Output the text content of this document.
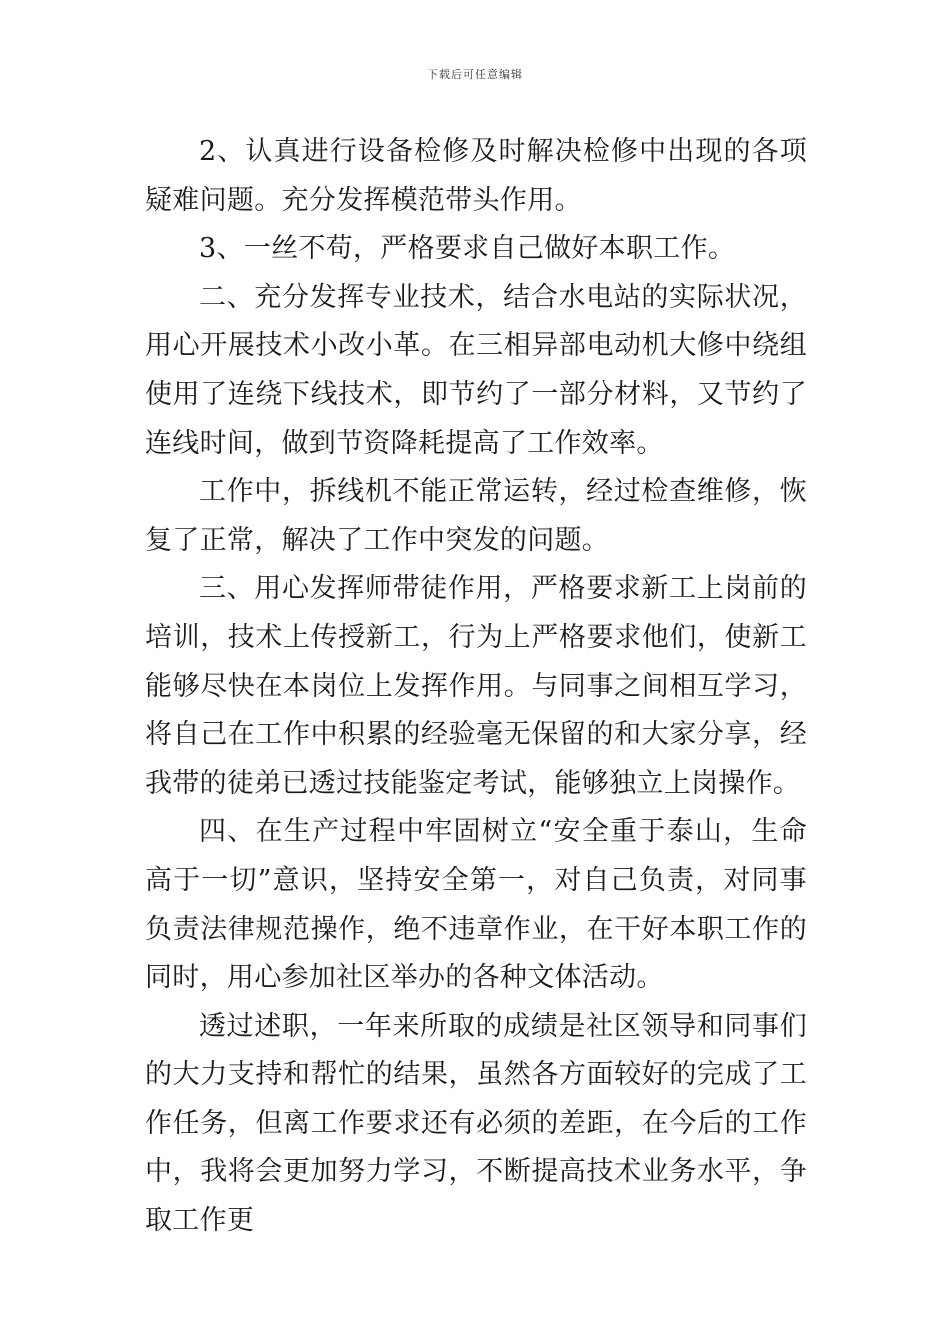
下载后可任意编辑

2、认真进行设备检修及时解决检修中出现的各项疑难问题。充分发挥模范带头作用。

3、一丝不苟，严格要求自己做好本职工作。

二、充分发挥专业技术，结合水电站的实际状况，用心开展技术小改小革。在三相异部电动机大修中绕组使用了连绕下线技术，即节约了一部分材料，又节约了连线时间，做到节资降耗提高了工作效率。

工作中，拆线机不能正常运转，经过检查维修，恢复了正常，解决了工作中突发的问题。

三、用心发挥师带徒作用，严格要求新工上岗前的培训，技术上传授新工，行为上严格要求他们，使新工能够尽快在本岗位上发挥作用。与同事之间相互学习，将自己在工作中积累的经验毫无保留的和大家分享，经我带的徒弟已透过技能鉴定考试，能够独立上岗操作。

四、在生产过程中牢固树立“安全重于泰山，生命高于一切”意识，坚持安全第一，对自己负责，对同事负责法律规范操作，绝不违章作业，在干好本职工作的同时，用心参加社区举办的各种文体活动。

透过述职，一年来所取的成绩是社区领导和同事们的大力支持和帮忙的结果，虽然各方面较好的完成了工作任务，但离工作要求还有必须的差距，在今后的工作中，我将会更加努力学习，不断提高技术业务水平，争取工作更
